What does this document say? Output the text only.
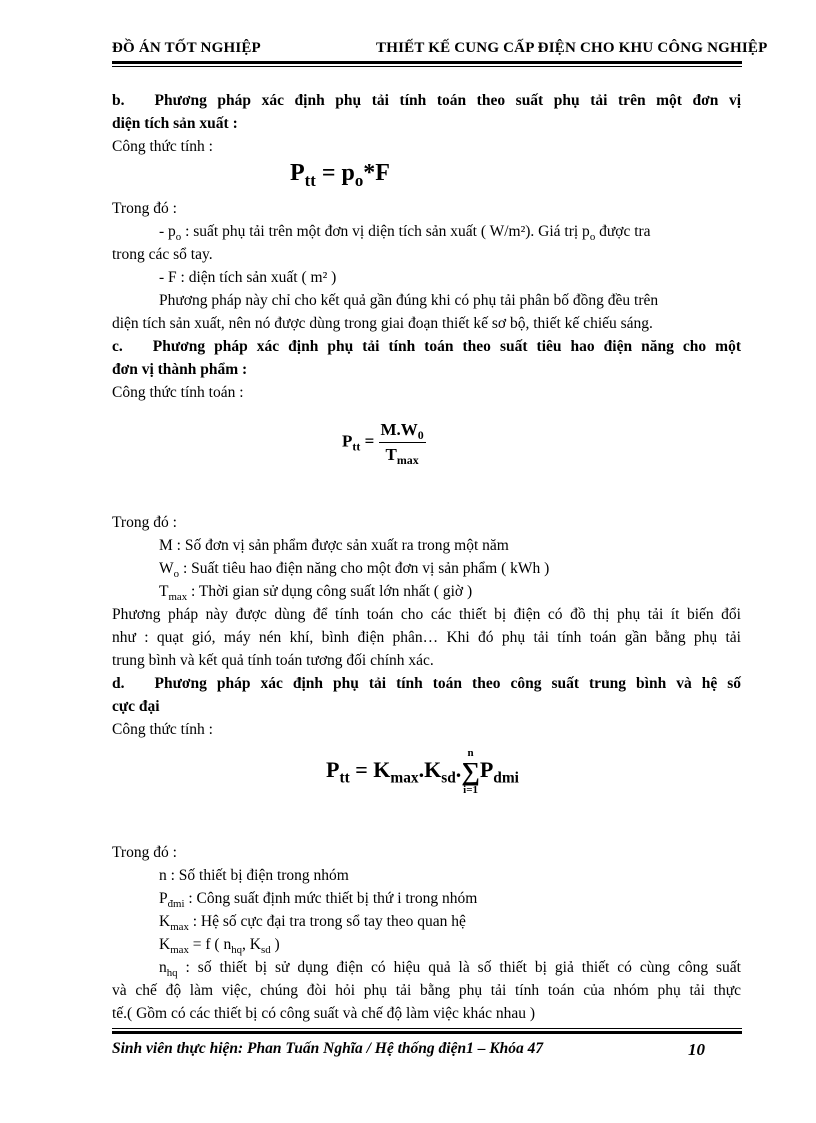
ĐỒ ÁN TỐT NGHIỆP	THIẾT KẾ CUNG CẤP ĐIỆN CHO KHU CÔNG NGHIỆP
b. Phương pháp xác định phụ tải tính toán theo suất phụ tải trên một đơn vị
diện tích sản xuất :
Công thức tính :
$P_{tt} = p_o*F$
Trong đó :
- $p_o$ : suất phụ tải trên một đơn vị diện tích sản xuất ( W/m²). Giá trị $p_o$ được tra
trong các sổ tay.
- F : diện tích sản xuất ( m² )
Phương pháp này chỉ cho kết quả gần đúng khi có phụ tải phân bố đồng đều trên
diện tích sản xuất, nên nó được dùng trong giai đoạn thiết kế sơ bộ, thiết kế chiếu sáng.
c. Phương pháp xác định phụ tải tính toán theo suất tiêu hao điện năng cho một
đơn vị thành phẩm :
Công thức tính toán :
$P_{tt} = \frac{M.W_0}{T_{max}}$
Trong đó :
M : Số đơn vị sản phẩm được sản xuất ra trong một năm
$W_o$ : Suất tiêu hao điện năng cho một đơn vị sản phẩm ( kWh )
$T_{max}$ : Thời gian sử dụng công suất lớn nhất ( giờ )
Phương pháp này được dùng để tính toán cho các thiết bị điện có đồ thị phụ tải ít biến đổi
như : quạt gió, máy nén khí, bình điện phân… Khi đó phụ tải tính toán gần bằng phụ tải
trung bình và kết quả tính toán tương đối chính xác.
d. Phương pháp xác định phụ tải tính toán theo công suất trung bình và hệ số
cực đại
Công thức tính :
$P_{tt} = K_{max}.K_{sd}$.
n
∑
i=1
$P_{dmi}$
Trong đó :
n : Số thiết bị điện trong nhóm
$P_{đmi}$ : Công suất định mức thiết bị thứ i trong nhóm
$K_{max}$ : Hệ số cực đại tra trong sổ tay theo quan hệ
$K_{max} = f$ ( $n_{hq}$, $K_{sd}$ )
$n_{hq}$ : số thiết bị sử dụng điện có hiệu quả là số thiết bị giả thiết có cùng công suất
và chế độ làm việc, chúng đòi hỏi phụ tải bằng phụ tải tính toán của nhóm phụ tải thực
tế.( Gồm có các thiết bị có công suất và chế độ làm việc khác nhau )
Sinh viên thực hiện: Phan Tuấn Nghĩa / Hệ thống điện1 – Khóa 47	10
